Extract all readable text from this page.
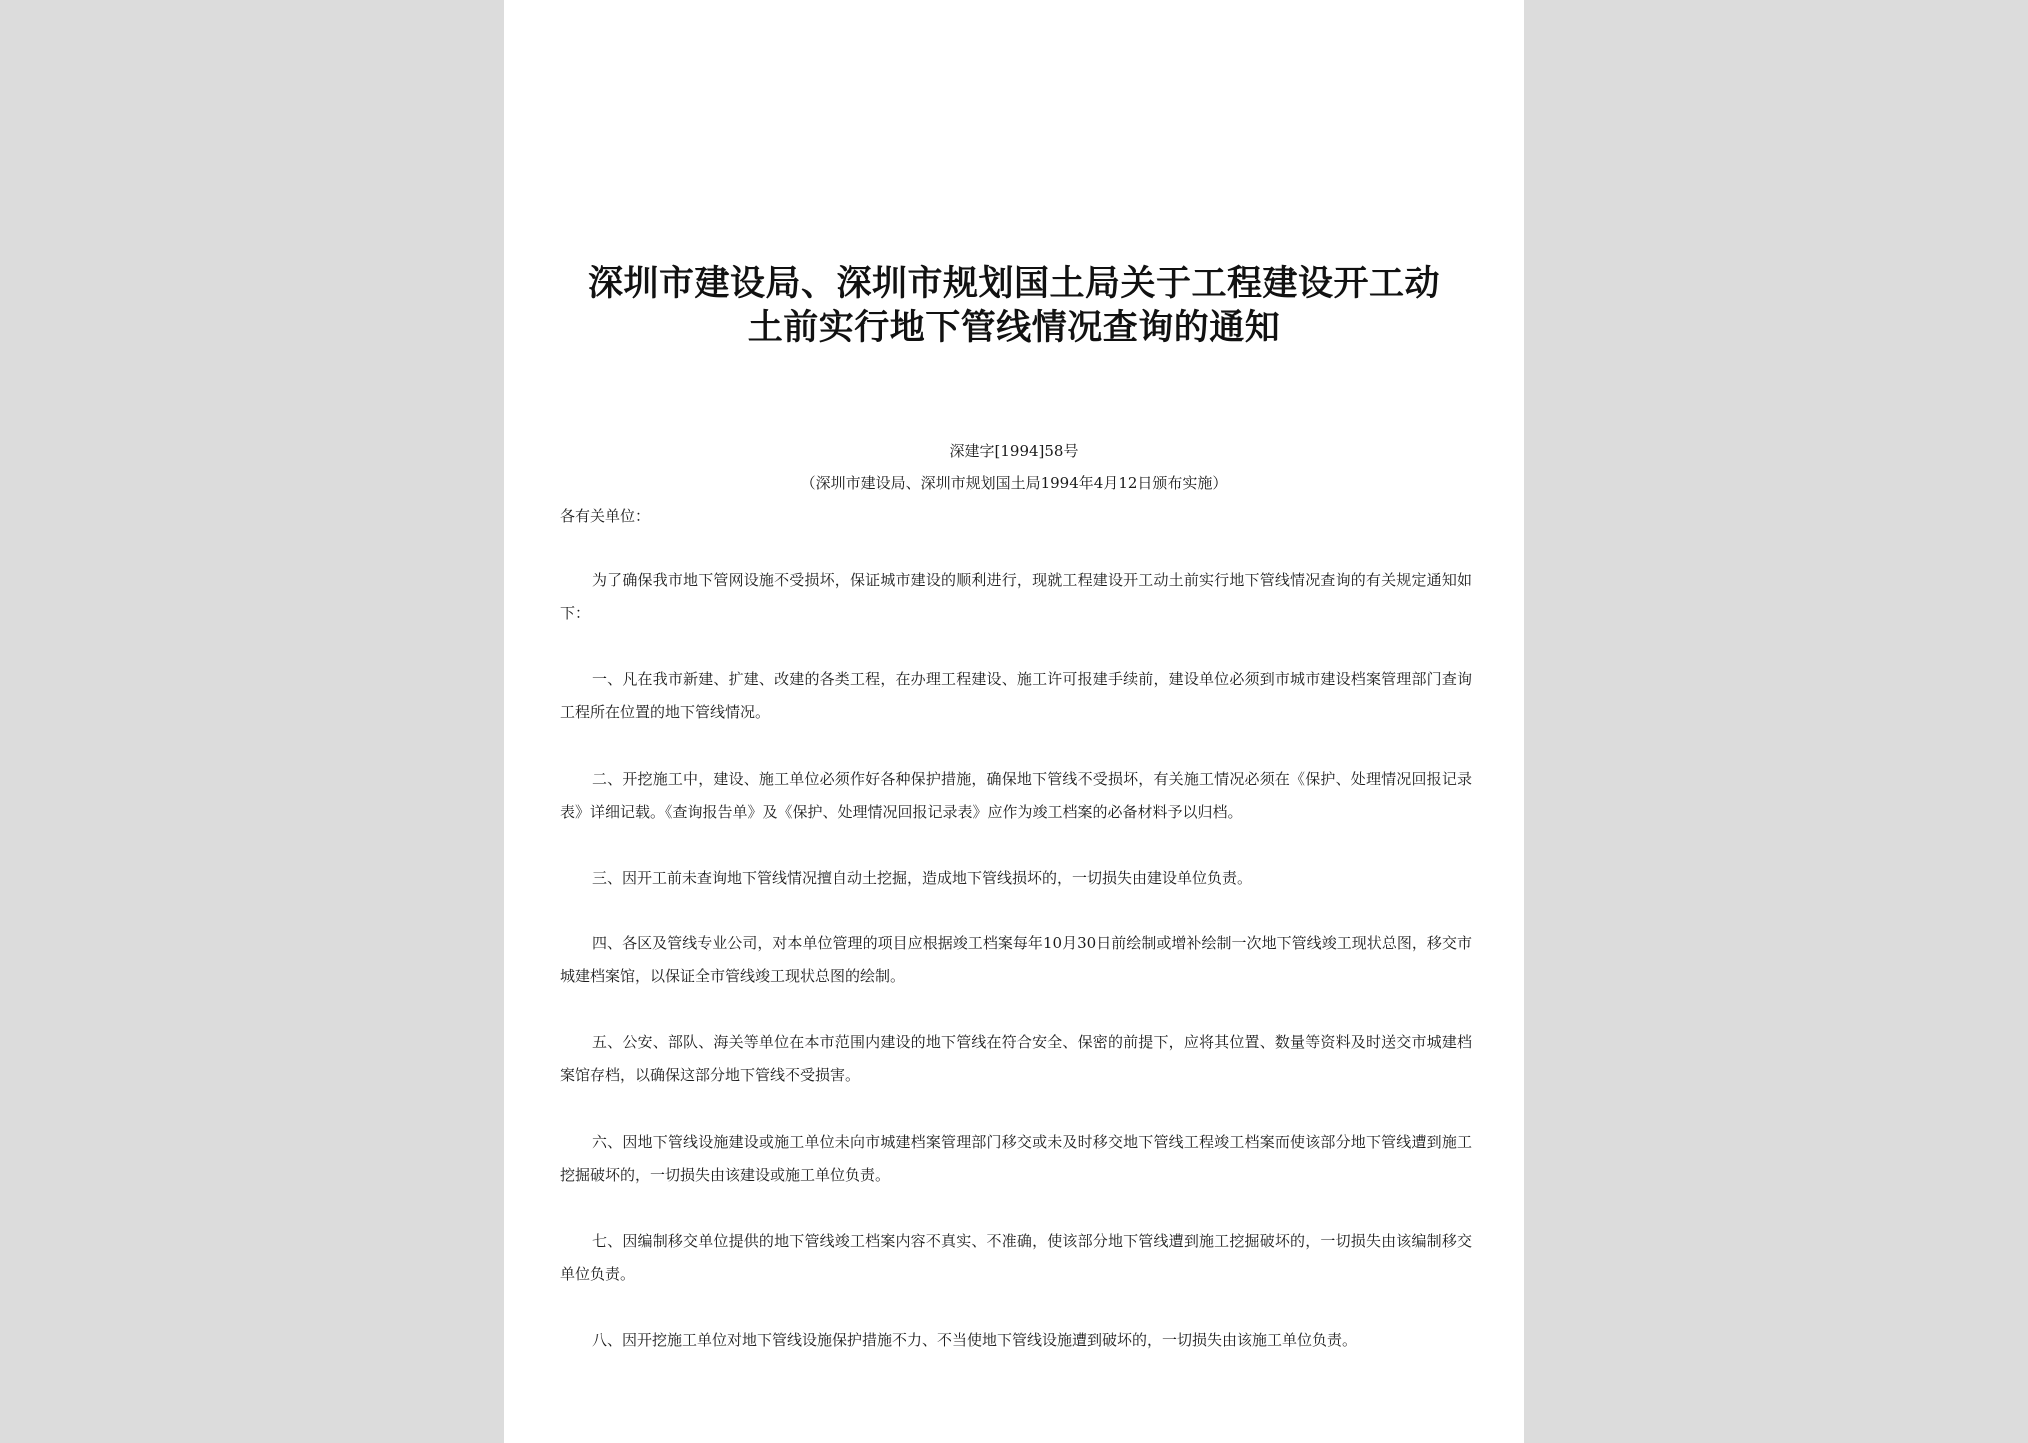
深圳市建设局、深圳市规划国土局关于工程建设开工动
土前实行地下管线情况查询的通知
深建字[1994]58号
（深圳市建设局、深圳市规划国土局1994年4月12日颁布实施）
各有关单位：
为了确保我市地下管网设施不受损坏，保证城市建设的顺利进行，现就工程建设开工动土前实行地下管线情况查询的有关规定通知如下：
一、凡在我市新建、扩建、改建的各类工程，在办理工程建设、施工许可报建手续前，建设单位必须到市城市建设档案管理部门查询工程所在位置的地下管线情况。
二、开挖施工中，建设、施工单位必须作好各种保护措施，确保地下管线不受损坏，有关施工情况必须在《保护、处理情况回报记录表》详细记载。《查询报告单》及《保护、处理情况回报记录表》应作为竣工档案的必备材料予以归档。
三、因开工前未查询地下管线情况擅自动土挖掘，造成地下管线损坏的，一切损失由建设单位负责。
四、各区及管线专业公司，对本单位管理的项目应根据竣工档案每年10月30日前绘制或增补绘制一次地下管线竣工现状总图，移交市城建档案馆，以保证全市管线竣工现状总图的绘制。
五、公安、部队、海关等单位在本市范围内建设的地下管线在符合安全、保密的前提下，应将其位置、数量等资料及时送交市城建档案馆存档，以确保这部分地下管线不受损害。
六、因地下管线设施建设或施工单位未向市城建档案管理部门移交或未及时移交地下管线工程竣工档案而使该部分地下管线遭到施工挖掘破坏的，一切损失由该建设或施工单位负责。
七、因编制移交单位提供的地下管线竣工档案内容不真实、不准确，使该部分地下管线遭到施工挖掘破坏的，一切损失由该编制移交单位负责。
八、因开挖施工单位对地下管线设施保护措施不力、不当使地下管线设施遭到破坏的，一切损失由该施工单位负责。
